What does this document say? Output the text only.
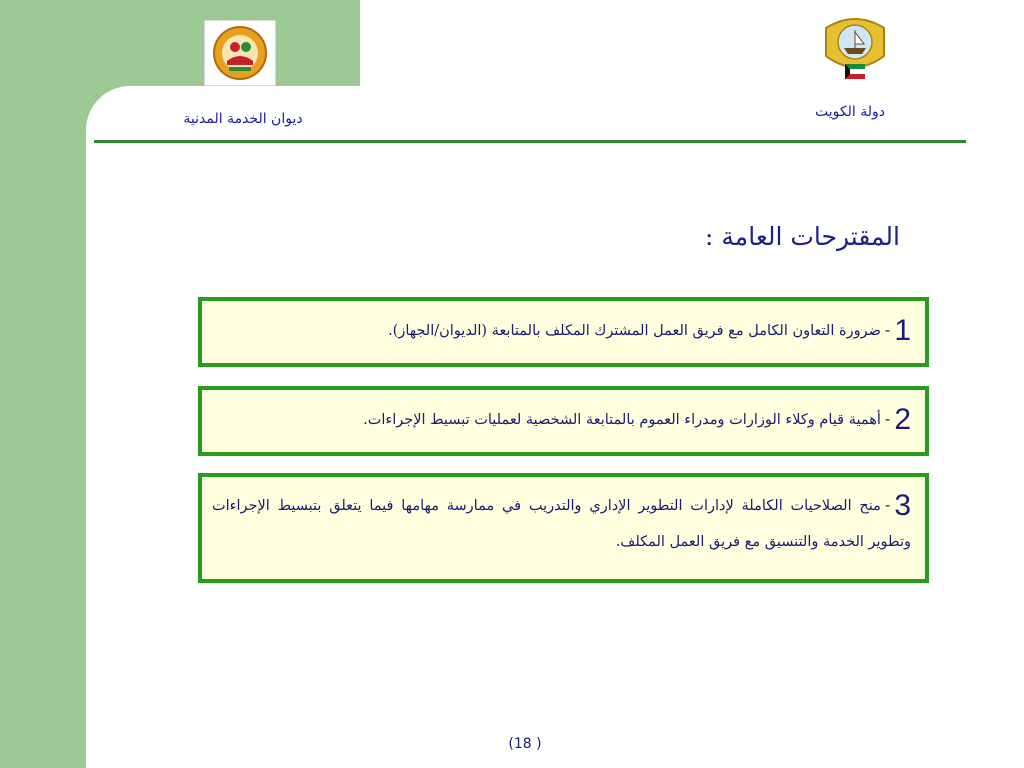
ديوان الخدمة المدنية	دولة الكويت
المقترحات العامة :
1-ضرورة التعاون الكامل مع فريق العمل المشترك المكلف بالمتابعة (الديوان/الجهاز).
2-أهمية قيام وكلاء الوزارات ومدراء العموم بالمتابعة الشخصية لعمليات تبسيط الإجراءات.
3-منح الصلاحيات الكاملة لإدارات التطوير الإداري والتدريب في ممارسة مهامها فيما يتعلق بتبسيط الإجراءات وتطوير الخدمة والتنسيق مع فريق العمل المكلف.
(18 )
